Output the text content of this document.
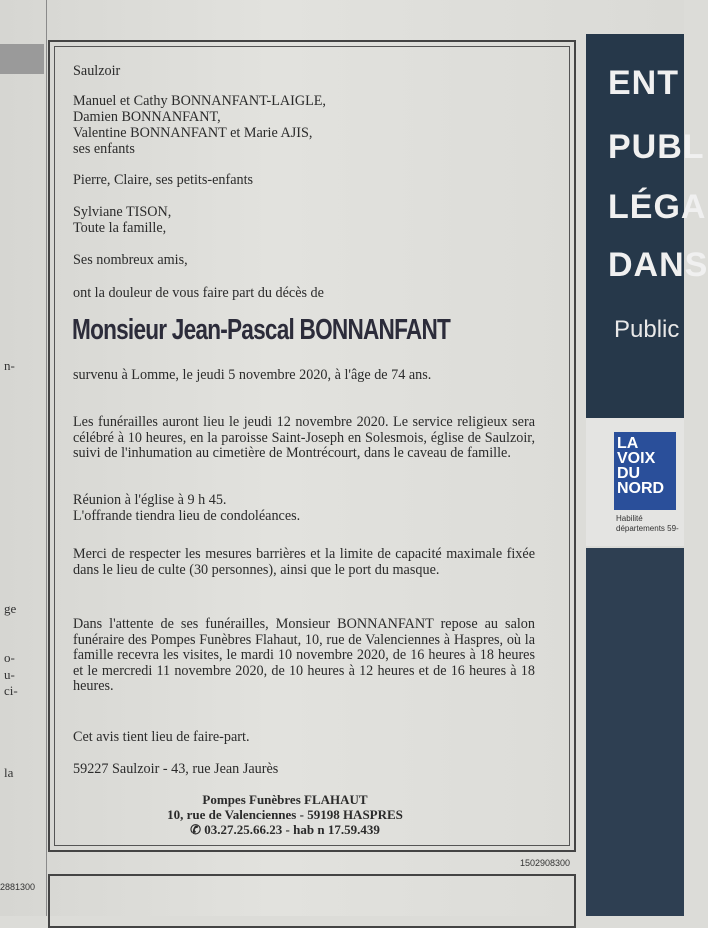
n-
ge
o-
u-
ci-
la
2881300
Saulzoir
Manuel et Cathy BONNANFANT-LAIGLE,
Damien BONNANFANT,
Valentine BONNANFANT et Marie AJIS,
ses enfants
Pierre, Claire, ses petits-enfants
Sylviane TISON,
Toute la famille,
Ses nombreux amis,
ont la douleur de vous faire part du décès de
Monsieur Jean-Pascal BONNANFANT
survenu à Lomme, le jeudi 5 novembre 2020, à l'âge de 74 ans.
Les funérailles auront lieu le jeudi 12 novembre 2020. Le service religieux sera célébré à 10 heures, en la paroisse Saint-Joseph en Solesmois, église de Saulzoir, suivi de l'inhumation au cimetière de Montrécourt, dans le caveau de famille.
Réunion à l'église à 9 h 45.
L'offrande tiendra lieu de condoléances.
Merci de respecter les mesures barrières et la limite de capacité maximale fixée dans le lieu de culte (30 personnes), ainsi que le port du masque.
Dans l'attente de ses funérailles, Monsieur BONNANFANT repose au salon funéraire des Pompes Funèbres Flahaut, 10, rue de Valenciennes à Haspres, où la famille recevra les visites, le mardi 10 novembre 2020, de 16 heures à 18 heures et le mercredi 11 novembre 2020, de 10 heures à 12 heures et de 16 heures à 18 heures.
Cet avis tient lieu de faire-part.
59227 Saulzoir - 43, rue Jean Jaurès
Pompes Funèbres FLAHAUT
10, rue de Valenciennes - 59198 HASPRES
✆ 03.27.25.66.23 - hab n 17.59.439
1502908300
ENT
PUBL
LÉGA
DANS
Public
LA
VOIX
DU
NORD
Habilité
départements 59-
